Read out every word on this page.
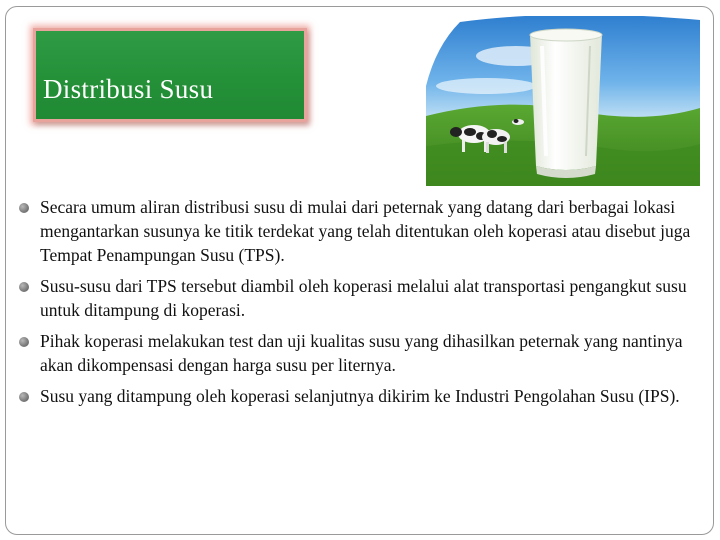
Distribusi Susu
Secara umum aliran distribusi susu di mulai dari peternak yang datang dari berbagai lokasi mengantarkan susunya ke titik terdekat yang telah ditentukan oleh koperasi atau disebut juga Tempat Penampungan Susu (TPS).
Susu-susu dari TPS tersebut diambil oleh koperasi melalui alat transportasi pengangkut susu untuk ditampung di koperasi.
Pihak koperasi melakukan test dan uji kualitas susu yang dihasilkan peternak yang nantinya akan dikompensasi dengan harga susu per liternya.
Susu yang ditampung oleh koperasi selanjutnya dikirim ke Industri Pengolahan Susu (IPS).
